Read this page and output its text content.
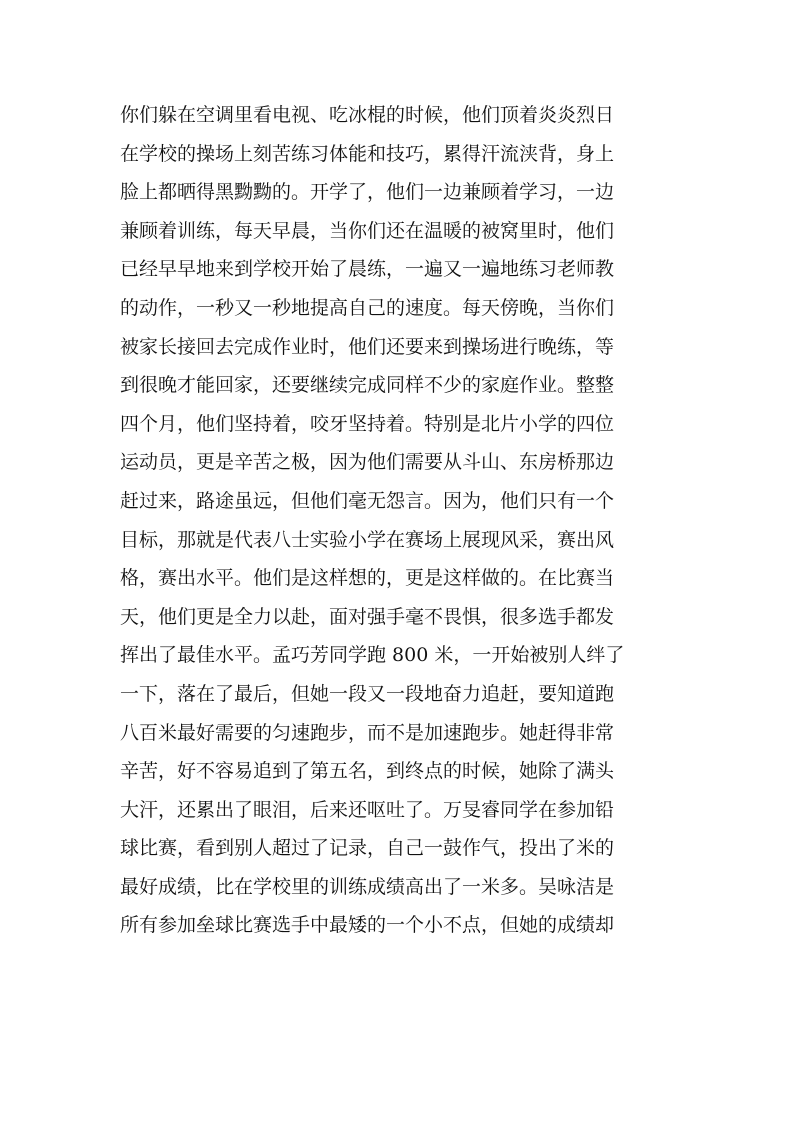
你们躲在空调里看电视、吃冰棍的时候，他们顶着炎炎烈日
在学校的操场上刻苦练习体能和技巧，累得汗流浃背，身上
脸上都晒得黑黝黝的。开学了，他们一边兼顾着学习，一边
兼顾着训练，每天早晨，当你们还在温暖的被窝里时，他们
已经早早地来到学校开始了晨练，一遍又一遍地练习老师教
的动作，一秒又一秒地提高自己的速度。每天傍晚，当你们
被家长接回去完成作业时，他们还要来到操场进行晚练，等
到很晚才能回家，还要继续完成同样不少的家庭作业。整整
四个月，他们坚持着，咬牙坚持着。特别是北片小学的四位
运动员，更是辛苦之极，因为他们需要从斗山、东房桥那边
赶过来，路途虽远，但他们毫无怨言。因为，他们只有一个
目标，那就是代表八士实验小学在赛场上展现风采，赛出风
格，赛出水平。他们是这样想的，更是这样做的。在比赛当
天，他们更是全力以赴，面对强手毫不畏惧，很多选手都发
挥出了最佳水平。孟巧芳同学跑 800 米，一开始被别人绊了
一下，落在了最后，但她一段又一段地奋力追赶，要知道跑
八百米最好需要的匀速跑步，而不是加速跑步。她赶得非常
辛苦，好不容易追到了第五名，到终点的时候，她除了满头
大汗，还累出了眼泪，后来还呕吐了。万旻睿同学在参加铅
球比赛，看到别人超过了记录，自己一鼓作气，投出了米的
最好成绩，比在学校里的训练成绩高出了一米多。吴咏洁是
所有参加垒球比赛选手中最矮的一个小不点，但她的成绩却
